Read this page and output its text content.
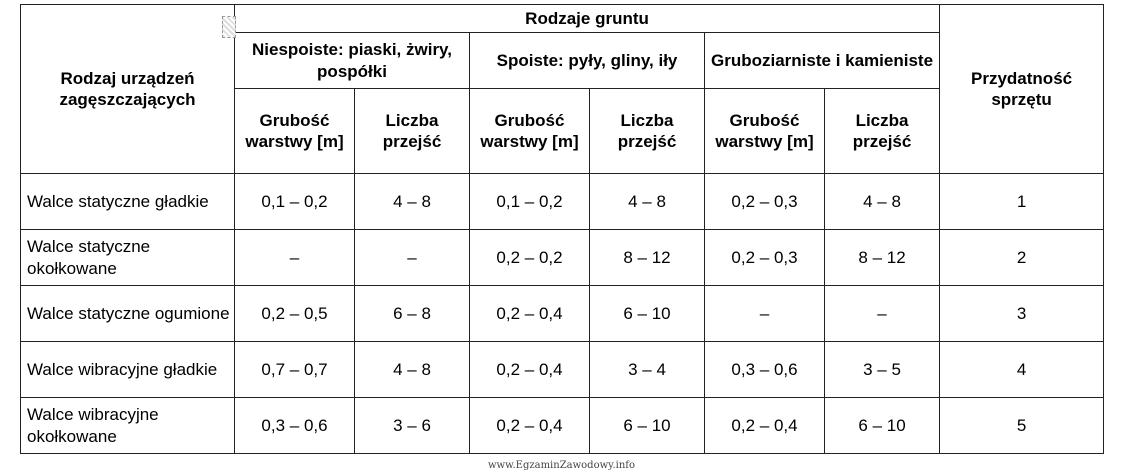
Rodzaj urządzeń zagęszczających	Rodzaje gruntu						Przydatność sprzętu
	Niespoiste: piaski, żwiry, pospółki		Spoiste: pyły, gliny, iły		Gruboziarniste i kamieniste		
	Grubość warstwy [m]	Liczba przejść	Grubość warstwy [m]	Liczba przejść	Grubość warstwy [m]	Liczba przejść	
Walce statyczne gładkie	0,1 – 0,2	4 – 8	0,1 – 0,2	4 – 8	0,2 – 0,3	4 – 8	1
Walce statyczne okołkowane	–	–	0,2 – 0,2	8 – 12	0,2 – 0,3	8 – 12	2
Walce statyczne ogumione	0,2 – 0,5	6 – 8	0,2 – 0,4	6 – 10	–	–	3
Walce wibracyjne gładkie	0,7 – 0,7	4 – 8	0,2 – 0,4	3 – 4	0,3 – 0,6	3 – 5	4
Walce wibracyjne okołkowane	0,3 – 0,6	3 – 6	0,2 – 0,4	6 – 10	0,2 – 0,4	6 – 10	5
www.EgzaminZawodowy.info
